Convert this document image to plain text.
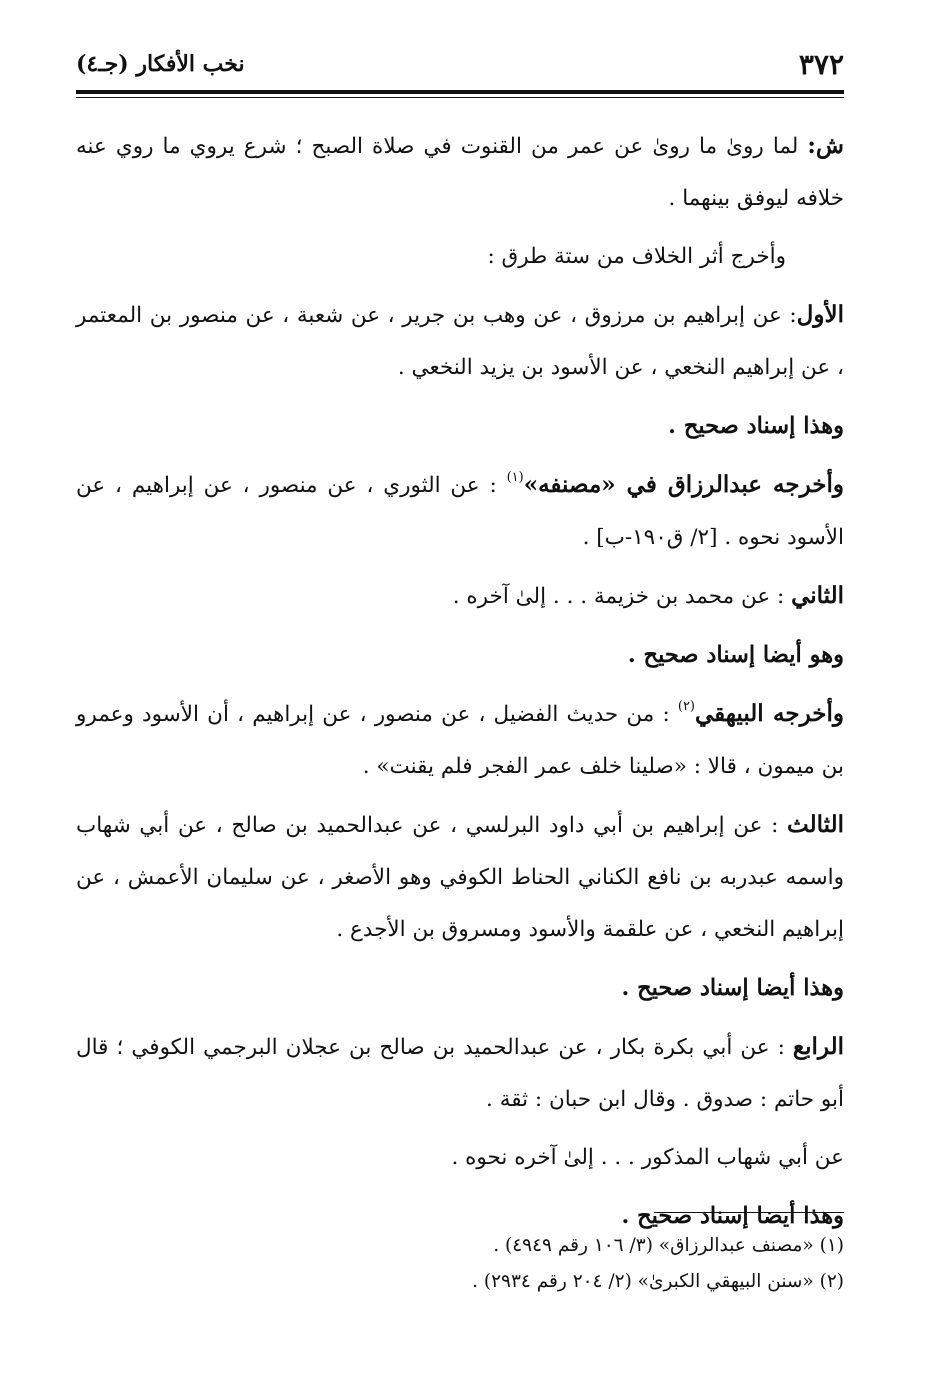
٣٧٢
نخب الأفكار (جـ٤)

ش: لما روىٰ ما روىٰ عن عمر من القنوت في صلاة الصبح ؛ شرع يروي ما روي عنه خلافه ليوفق بينهما .

وأخرج أثر الخلاف من ستة طرق :

الأول: عن إبراهيم بن مرزوق ، عن وهب بن جرير ، عن شعبة ، عن منصور بن المعتمر ، عن إبراهيم النخعي ، عن الأسود بن يزيد النخعي .

وهذا إسناد صحيح .

وأخرجه عبدالرزاق في «مصنفه»$^{(١)}$ : عن الثوري ، عن منصور ، عن إبراهيم ، عن الأسود نحوه . [٢/ ق١٩٠-ب] .

الثاني : عن محمد بن خزيمة . . . إلىٰ آخره .

وهو أيضا إسناد صحيح .

وأخرجه البيهقي$^{(٢)}$ : من حديث الفضيل ، عن منصور ، عن إبراهيم ، أن الأسود وعمرو بن ميمون ، قالا : «صلينا خلف عمر الفجر فلم يقنت» .

الثالث : عن إبراهيم بن أبي داود البرلسي ، عن عبدالحميد بن صالح ، عن أبي شهاب واسمه عبدربه بن نافع الكناني الحناط الكوفي وهو الأصغر ، عن سليمان الأعمش ، عن إبراهيم النخعي ، عن علقمة والأسود ومسروق بن الأجدع .

وهذا أيضا إسناد صحيح .

الرابع : عن أبي بكرة بكار ، عن عبدالحميد بن صالح بن عجلان البرجمي الكوفي ؛ قال أبو حاتم : صدوق . وقال ابن حبان : ثقة .

عن أبي شهاب المذكور . . . إلىٰ آخره نحوه .

وهذا أيضا إسناد صحيح .

(١) «مصنف عبدالرزاق» (٣/ ١٠٦ رقم ٤٩٤٩) .
(٢) «سنن البيهقي الكبرىٰ» (٢/ ٢٠٤ رقم ٢٩٣٤) .
